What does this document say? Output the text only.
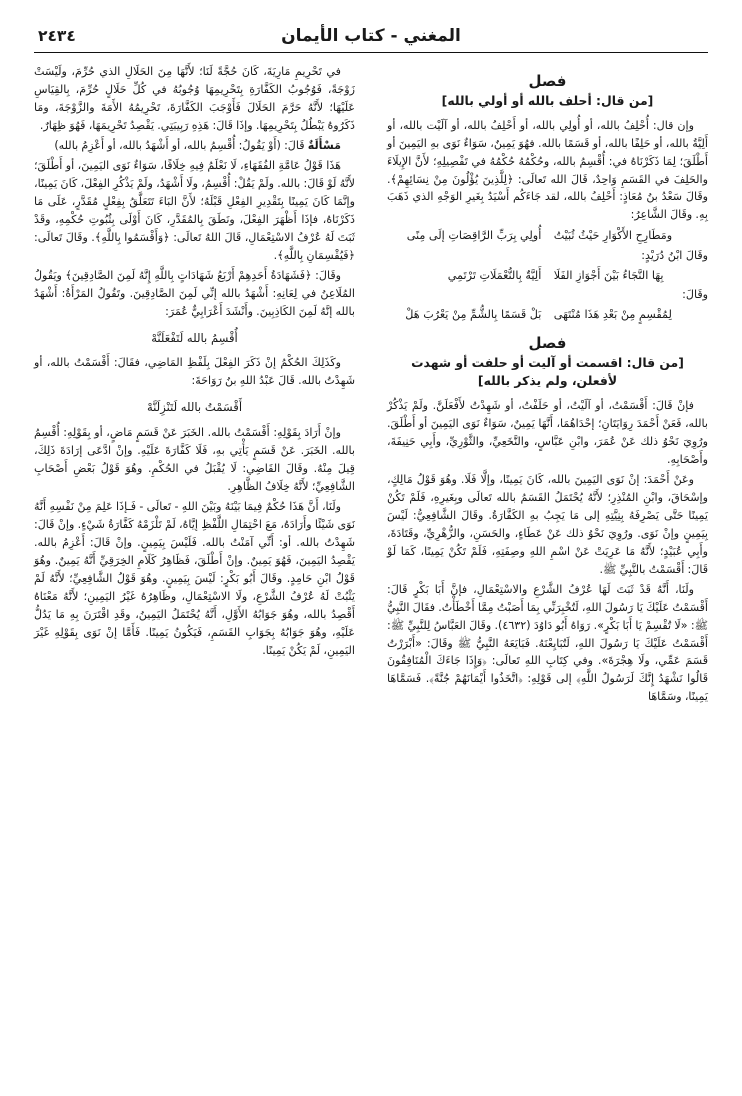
٢٤٣٤	المغني - كتاب الأيمان
فصل
[من قال: أحلف بالله أو أولي بالله]

وإن قال: أُحْلِفُ بالله، أو أُولِي بالله، أو أَحْلِفُ بالله، أو آلَيْت بالله، أو أَلِيَّةُ بالله، أو حَلِفًا بالله، أو قَسَمًا بالله. فهُوَ يَمِينٌ، سَوَاءٌ نَوَى بهِ اليَمِينَ أو أَطْلَقَ؛ لِمَا ذَكَرْنَاهُ في: أُقْسِمُ بالله، وحُكْمُهُ حُكْمُهُ في تَفْصِيلِهِ؛ لأَنَّ الإِيلَاءَ والحَلِفَ في القَسَمِ وَاحِدٌ، قَالَ الله تَعالَى: ﴿لِلَّذِينَ يُؤْلُونَ مِنْ نِسَائِهِمْ﴾. وقَالَ سَعْدُ بنُ مُعَاذٍ: أَحْلِفُ بالله، لقد جَاءَكُم أَسْيَدُ بِغَيرِ الوَجْهِ الذي ذَهَبَ بِهِ. وقَالَ الشَّاعِرُ:

أُولِي بِرَبِّ الرَّاقِصَاتِ إلَى مِنًى ومَطَارِحِ الأَكْوَارِ حَيْثُ ثُبَيْتُ
وقَالَ ابْنُ دُرَيْدٍ:
أَلِيَّةٌ بِالنُّعْمَلَاتِ تَرْتَمِي بِهَا النَّجَاءُ بَيْنَ أَجْوَازِ الفَلَا
وقَالَ:
بَلْ قَسَمًا بِالشُّمِّ مِنْ يَعْرُبَ هَلْ لِمُقْسِمٍ مِنْ بَعْدِ هَذَا مُنْتَهَى
فصل
[من قال: اقسمت أو آليت أو حلفت أو شهدت لأفعلن، ولم يذكر بالله]

فإنْ قَالَ: أَقْسَمْتُ، أو آلَيْتُ، أو حَلَفْتُ، أو شَهِدْتُ لأَفْعَلَنَّ. ولَمْ يَذْكُرْ بالله، فَعَنْ أَحْمَدَ رِوَايَتَانِ؛ إحْدَاهُمَا، أَنَّهَا يَمِينٌ، سَوَاءٌ نَوَى اليَمِينَ أو أَطْلَقَ. ورُوِيَ نَحْوُ ذلك عَنْ عُمَرَ، وابْنِ عَبَّاسٍ، والنَّخَعِيِّ، والثَّوْرِيِّ، وأَبِي حَنِيفَةَ، وأَصْحَابِهِ.

وعَنْ أَحْمَدَ: إنْ نَوَى اليَمِينَ بالله، كَانَ يَمِينًا، وإلَّا فَلَا. وهُوَ قَوْلُ مَالِكٍ، وإسْحَاقَ، وابْنِ المُنْذِرِ؛ لأَنَّهُ يُحْتَمَلُ القَسَمُ بالله تَعالَى وبِغَيرِهِ، فَلَمْ تَكُنْ يَمِينًا حَتَّى يَصْرِفَهُ بِنِيَّتِهِ إلى مَا يَجِبُ بهِ الكَفَّارَةُ. وقَالَ الشَّافِعِيُّ: لَيْسَ بِيَمِينٍ وإنْ نَوَى. ورُوِيَ نَحْوُ ذلك عَنْ عَطَاءٍ، والحَسَنِ، والزُّهْرِيِّ، وقَتَادَةَ، وأَبِي عُبَيْدٍ؛ لأَنَّهُ مَا عَرِيَتْ عَنْ اسْمِ اللهِ وصِفَتِهِ، فَلَمْ تَكُنْ يَمِينًا، كَمَا لَوْ قَالَ: أَقْسَمْتُ بالنَّبِيِّ ﷺ.

ولَنَا، أَنَّهُ قَدْ ثَبَتَ لَهَا عُرْفُ الشَّرْعِ والاسْتِعْمَالِ، فإنَّ أَبَا بَكْرٍ قَالَ: أَقْسَمْتُ عَلَيْكَ يَا رَسُولَ اللهِ، لَتُخْبِرَنِّي بِمَا أَصَبْتُ مِمَّا أَخْطَأْتُ. فقَالَ النَّبِيُّ ﷺ: «لَا تُقْسِمْ يَا أَبَا بَكْرٍ». رَوَاهُ أَبُو دَاوُدَ (٤٦٣٢). وقَالَ العَبَّاسُ لِلنَّبِيِّ ﷺ: أَقْسَمْتُ عَلَيْكَ يَا رَسُولَ اللهِ، لَتُبَايِعْنَهُ. فَبَايَعَهُ النَّبِيُّ ﷺ وقَالَ: «أَبْرَرْتُ قَسَمَ عَمِّي، ولَا هِجْرَةَ». وفي كِتَابِ اللهِ تَعالَى: ﴿وَإِذَا جَاءَكَ الْمُنَافِقُونَ قَالُوا نَشْهَدُ إِنَّكَ لَرَسُولُ اللَّهِ﴾ إلى قَوْلِهِ: ﴿اتَّخَذُوا أَيْمَانَهُمْ جُنَّةً﴾. فَسَمَّاهَا يَمِينًا، وسَمَّاهَا

في تَحْرِيمِ مَارِيَةَ، كَانَ حُجَّةً لَنَا؛ لأَنَّهَا مِنَ الحَلَالِ الذي حُرِّمَ، ولَيْسَتْ زَوْجَةً، فَوُجُوبُ الكَفَّارَةِ بِتَحْرِيمِهَا وُجُوبُهُ في كُلِّ حَلَالٍ حُرِّمَ، بِالقِيَاسِ عَلَيْهَا؛ لأَنَّهُ حَرَّمَ الحَلَالَ فَأَوْجَبَ الكَفَّارَةَ، تَحْرِيمُهُ الأَمَةَ والزَّوْجَةَ، ومَا ذَكَرُوهُ يَبْطُلُ بِتَحْرِيمِهَا. وإذَا قَالَ: هَذِهِ رَبِيبَتِي. يَقْصِدُ تَحْرِيمَهَا، فَهُوَ ظِهَارٌ.

مَسْأَلَةٌ قَالَ: (أَوْ يَقُولُ: أُقْسِمُ بالله، أو أَشْهَدُ بالله، أو أَعْزِمُ بالله)

هَذَا قَوْلُ عَامَّةِ الفُقَهَاءِ، لَا نَعْلَمُ فِيهِ خِلَافًا، سَوَاءٌ نَوَى اليَمِينَ، أو أَطْلَقَ؛ لأَنَّهُ لَوْ قَالَ: بالله. ولَمْ يَقُلْ: أُقْسِمُ، ولَا أَشْهَدُ، ولَمْ يَذْكُرِ الفِعْلَ، كَانَ يَمِينًا، وإنَّمَا كَانَ يَمِينًا بِتَقْدِيرِ الفِعْلِ قَبْلَهُ؛ لأَنَّ البَاءَ تَتَعَلَّقُ بِفِعْلٍ مُقَدَّرٍ، عَلَى مَا ذَكَرْنَاهُ، فإذَا أَظْهَرَ الفِعْلَ، ونَطَقَ بِالمُقَدَّرِ، كَانَ أَوْلَى بِثُبُوتِ حُكْمِهِ، وقَدْ ثَبَتَ لَهُ عُرْفُ الاسْتِعْمَالِ، قَالَ اللهُ تَعالَى: ﴿وَأَقْسَمُوا بِاللَّهِ﴾. وقَالَ تَعالَى: ﴿فَيُقْسِمَانِ بِاللَّهِ﴾.

وقَالَ: ﴿فَشَهَادَةُ أَحَدِهِمْ أَرْبَعُ شَهَادَاتٍ بِاللَّهِ إِنَّهُ لَمِنَ الصَّادِقِينَ﴾ ويَقُولُ المُلَاعِنُ في لِعَانِهِ: أَشْهَدُ بالله إنِّي لَمِنَ الصَّادِقِينَ. وتَقُولُ المَرْأَةُ: أَشْهَدُ بالله إنَّهُ لَمِنَ الكَاذِبِينَ. وأَنْشَدَ أَعْرَابِيٌّ عُمَرَ:

أُقْسِمُ بالله لَتَفْعَلَنَّهْ

وكَذَلِكَ الحُكْمُ إنْ ذَكَرَ الفِعْلَ بِلَفْظِ المَاضِي، فقَالَ: أَقْسَمْتُ بالله، أو شَهِدْتُ بالله. قَالَ عَبْدُ اللهِ بنُ رَوَاحَةَ:

أَقْسَمْتُ بالله لَتَنْزِلَنَّهْ

وإنْ أَرَادَ بِقَوْلِهِ: أَقْسَمْتُ بالله. الخَبَرَ عَنْ قَسَمٍ مَاضٍ، أو بِقَوْلِهِ: أُقْسِمُ بالله. الخَبَرَ. عَنْ قَسَمٍ يَأْتِي بهِ، فَلَا كَفَّارَةَ عَلَيْهِ. وإنْ ادَّعَى إرَادَةَ ذَلِكَ، قِيلَ مِنْهُ. وقَالَ القَاضِي: لَا يُقْبَلُ في الحُكْمِ. وهُوَ قَوْلُ بَعْضِ أَصْحَابِ الشَّافِعِيِّ؛ لأَنَّهُ خِلَافُ الظَّاهِرِ.

ولَنَا، أَنَّ هَذَا حُكْمٌ فِيمَا بَيْنَهُ وبَيْنَ اللهِ - تَعالَى - فَـإذَا عَلِمَ مِنْ نَفْسِهِ أَنَّهُ نَوَى شَيْئًا وأَرَادَهُ، مَعَ احْتِمَالِ اللَّفْظِ إيَّاهُ، لَمْ تَلْزَمْهُ كَفَّارَةُ شَيْءٍ. وإنْ قَالَ: شَهِدْتُ بالله. أو: أَنِّي آمَنْتُ بالله. فَلَيْسَ بِيَمِينٍ. وإنْ قَالَ: أَعْزِمُ بالله. يَقْصِدُ اليَمِينَ، فَهُوَ يَمِينٌ. وإنْ أَطْلَقَ، فَظَاهِرُ كَلَامِ الخِرَقِيِّ أَنَّهُ يَمِينٌ. وهُوَ قَوْلُ ابْنِ حَامِدٍ. وقَالَ أَبُو بَكْرٍ: لَيْسَ بِيَمِينٍ. وهُوَ قَوْلُ الشَّافِعِيِّ؛ لأَنَّهُ لَمْ يَثْبُتْ لَهُ عُرْفُ الشَّرْعِ، ولَا الاسْتِعْمَالِ، وظَاهِرُهُ غَيْرُ اليَمِينِ؛ لأَنَّهُ مَعْنَاهُ أَقْصِدُ بالله، وهُوَ جَوَابُهُ الأَوَّلِ، أَنَّهُ يُحْتَمَلُ اليَمِينُ، وقَدِ اقْتَرَنَ بِهِ مَا يَدُلُّ عَلَيْهِ، وهُوَ جَوَابُهُ بِجَوَابِ القَسَمِ، فَيَكُونُ يَمِينًا. فَأَمَّا إنْ نَوَى بِقَوْلِهِ غَيْرَ اليَمِينِ، لَمْ يَكُنْ يَمِينًا.
